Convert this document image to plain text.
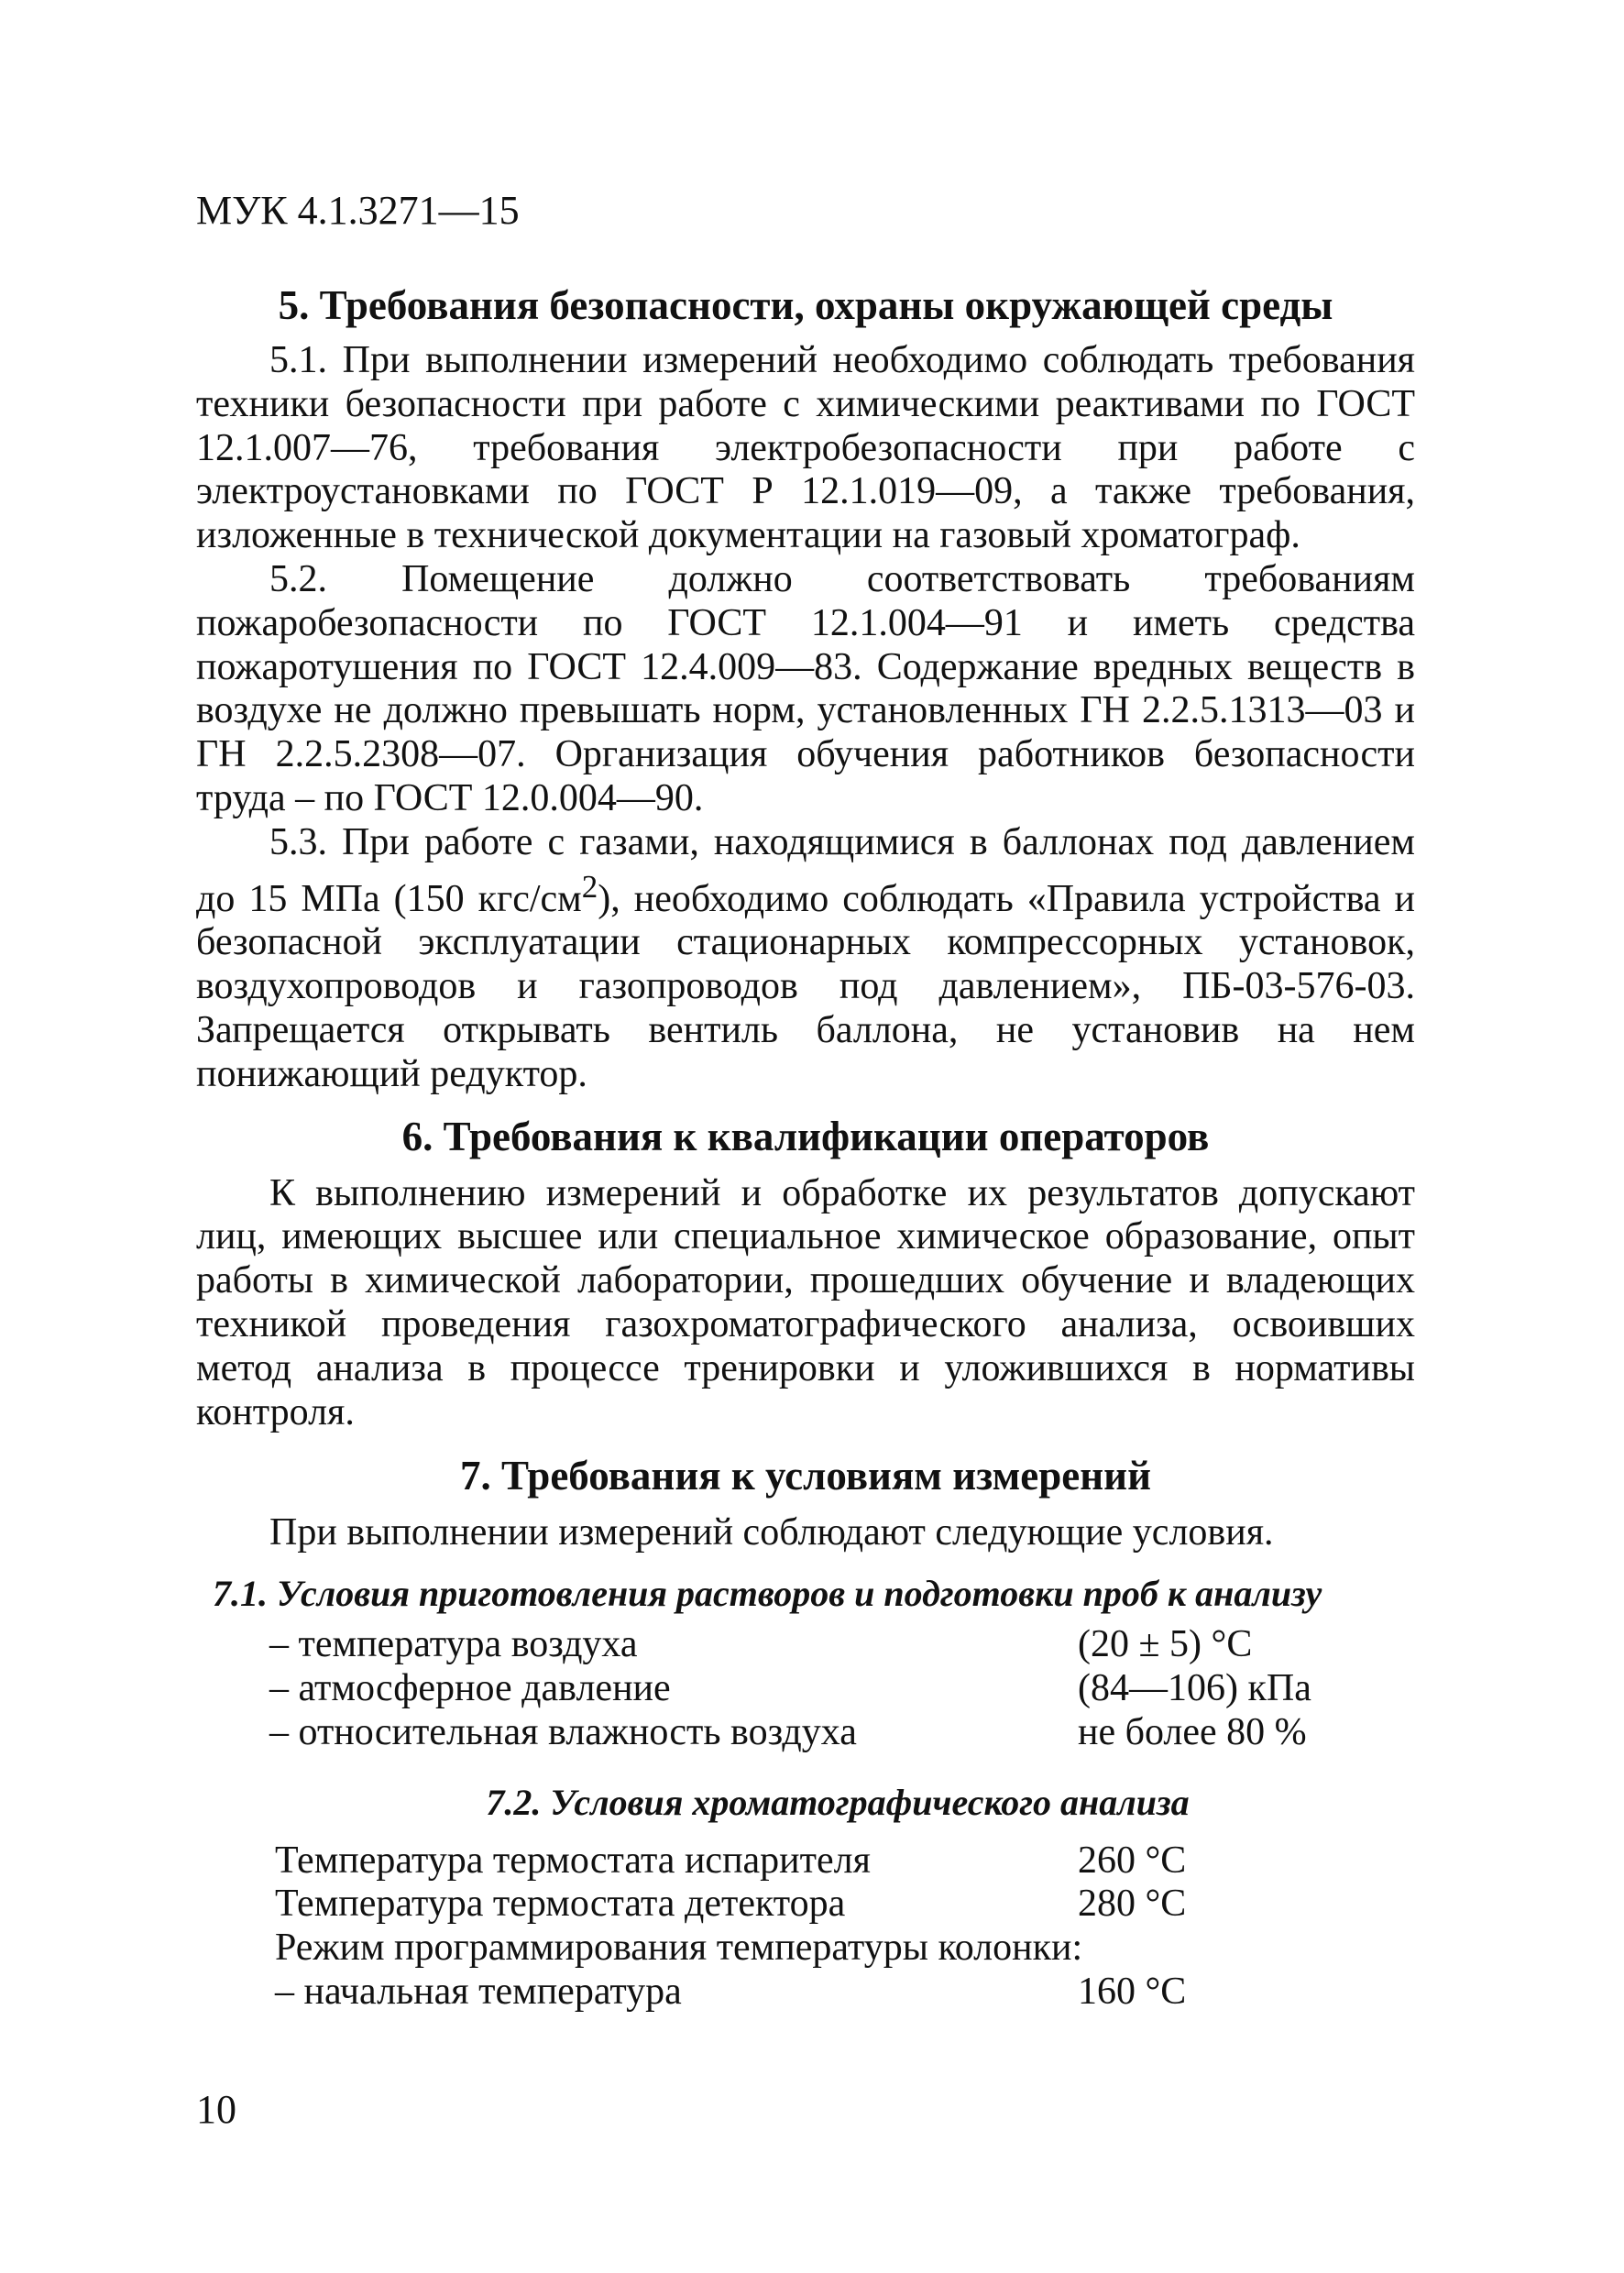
МУК 4.1.3271—15
5. Требования безопасности, охраны окружающей среды

5.1. При выполнении измерений необходимо соблюдать требования техники безопасности при работе с химическими реактивами по ГОСТ 12.1.007—76, требования электробезопасности при работе с электроустановками по ГОСТ Р 12.1.019—09, а также требования, изложенные в технической документации на газовый хроматограф.

5.2. Помещение должно соответствовать требованиям пожаробезопасности по ГОСТ 12.1.004—91 и иметь средства пожаротушения по ГОСТ 12.4.009—83. Содержание вредных веществ в воздухе не должно превышать норм, установленных ГН 2.2.5.1313—03 и ГН 2.2.5.2308—07. Организация обучения работников безопасности труда – по ГОСТ 12.0.004—90.

5.3. При работе с газами, находящимися в баллонах под давлением до 15 МПа (150 кгс/$см^2$), необходимо соблюдать «Правила устройства и безопасной эксплуатации стационарных компрессорных установок, воздухопроводов и газопроводов под давлением», ПБ-03-576-03. Запрещается открывать вентиль баллона, не установив на нем понижающий редуктор.

6. Требования к квалификации операторов

К выполнению измерений и обработке их результатов допускают лиц, имеющих высшее или специальное химическое образование, опыт работы в химической лаборатории, прошедших обучение и владеющих техникой проведения газохроматографического анализа, освоивших метод анализа в процессе тренировки и уложившихся в нормативы контроля.

7. Требования к условиям измерений

При выполнении измерений соблюдают следующие условия.

7.1. Условия приготовления растворов и подготовки проб к анализу
– температура воздуха	(20 ± 5) °С
– атмосферное давление	(84—106) кПа
– относительная влажность воздуха	не более 80 %
7.2. Условия хроматографического анализа
Температура термостата испарителя	260 °С
Температура термостата детектора	280 °С
Режим программирования температуры колонки:
– начальная температура	160 °С
10
